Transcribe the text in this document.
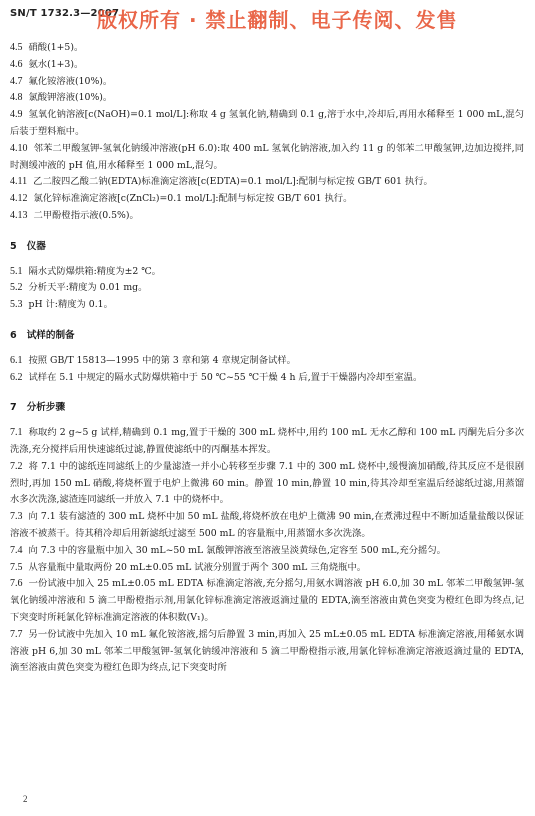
SN/T 1732.3—2007
版权所有 · 禁止翻制、电子传阅、发售
4.5 硝酸(1+5)。
4.6 氨水(1+3)。
4.7 氟化铵溶液(10%)。
4.8 氯酸钾溶液(10%)。
4.9 氢氧化钠溶液[c(NaOH)=0.1 mol/L]:称取 4 g 氢氧化钠,精确到 0.1 g,溶于水中,冷却后,再用水稀释至 1 000 mL,混匀后装于塑料瓶中。
4.10 邻苯二甲酸氢钾-氢氧化钠缓冲溶液(pH 6.0):取 400 mL 氢氧化钠溶液,加入约 11 g 的邻苯二甲酸氢钾,边加边搅拌,同时测缓冲液的 pH 值,用水稀释至 1 000 mL,混匀。
4.11 乙二胺四乙酸二钠(EDTA)标准滴定溶液[c(EDTA)=0.1 mol/L]:配制与标定按 GB/T 601 执行。
4.12 氯化锌标准滴定溶液[c(ZnCl₂)=0.1 mol/L]:配制与标定按 GB/T 601 执行。
4.13 二甲酚橙指示液(0.5%)。
5 仪器
5.1 隔水式防爆烘箱:精度为±2 ℃。
5.2 分析天平:精度为 0.01 mg。
5.3 pH 计:精度为 0.1。
6 试样的制备
6.1 按照 GB/T 15813—1995 中的第 3 章和第 4 章规定制备试样。
6.2 试样在 5.1 中规定的隔水式防爆烘箱中于 50 ℃~55 ℃干燥 4 h 后,置于干燥器内冷却至室温。
7 分析步骤
7.1 称取约 2 g~5 g 试样,精确到 0.1 mg,置于干燥的 300 mL 烧杯中,用约 100 mL 无水乙醇和 100 mL 丙酮先后分多次洗涤,充分搅拌后用快速滤纸过滤,静置使滤纸中的丙酮基本挥发。
7.2 将 7.1 中的滤纸连同滤纸上的少量滤渣一并小心转移至步骤 7.1 中的 300 mL 烧杯中,缓慢滴加硝酸,待其反应不是很剧烈时,再加 150 mL 硝酸,将烧杯置于电炉上微沸 60 min。静置 10 min,静置 10 min,待其冷却至室温后经滤纸过滤,用蒸馏水多次洗涤,滤渣连同滤纸一并放入 7.1 中的烧杯中。
7.3 向 7.1 装有滤渣的 300 mL 烧杯中加 50 mL 盐酸,将烧杯放在电炉上微沸 90 min,在煮沸过程中不断加适量盐酸以保证溶液不被蒸干。待其稍冷却后用新滤纸过滤至 500 mL 的容量瓶中,用蒸馏水多次洗涤。
7.4 向 7.3 中的容量瓶中加入 30 mL~50 mL 氯酸钾溶液至溶液呈淡黄绿色,定容至 500 mL,充分摇匀。
7.5 从容量瓶中量取两份 20 mL±0.05 mL 试液分别置于两个 300 mL 三角烧瓶中。
7.6 一份试液中加入 25 mL±0.05 mL EDTA 标准滴定溶液,充分摇匀,用氨水调溶液 pH 6.0,加 30 mL 邻苯二甲酸氢钾-氢氧化钠缓冲溶液和 5 滴二甲酚橙指示剂,用氯化锌标准滴定溶液返滴过量的 EDTA,滴至溶液由黄色突变为橙红色即为终点,记下突变时所耗氯化锌标准滴定溶液的体积数(V₁)。
7.7 另一份试液中先加入 10 mL 氟化铵溶液,摇匀后静置 3 min,再加入 25 mL±0.05 mL EDTA 标准滴定溶液,用稀氨水调溶液 pH 6,加 30 mL 邻苯二甲酸氢钾-氢氧化钠缓冲溶液和 5 滴二甲酚橙指示液,用氯化锌标准滴定溶液返滴过量的 EDTA,滴至溶液由黄色突变为橙红色即为终点,记下突变时所
2
